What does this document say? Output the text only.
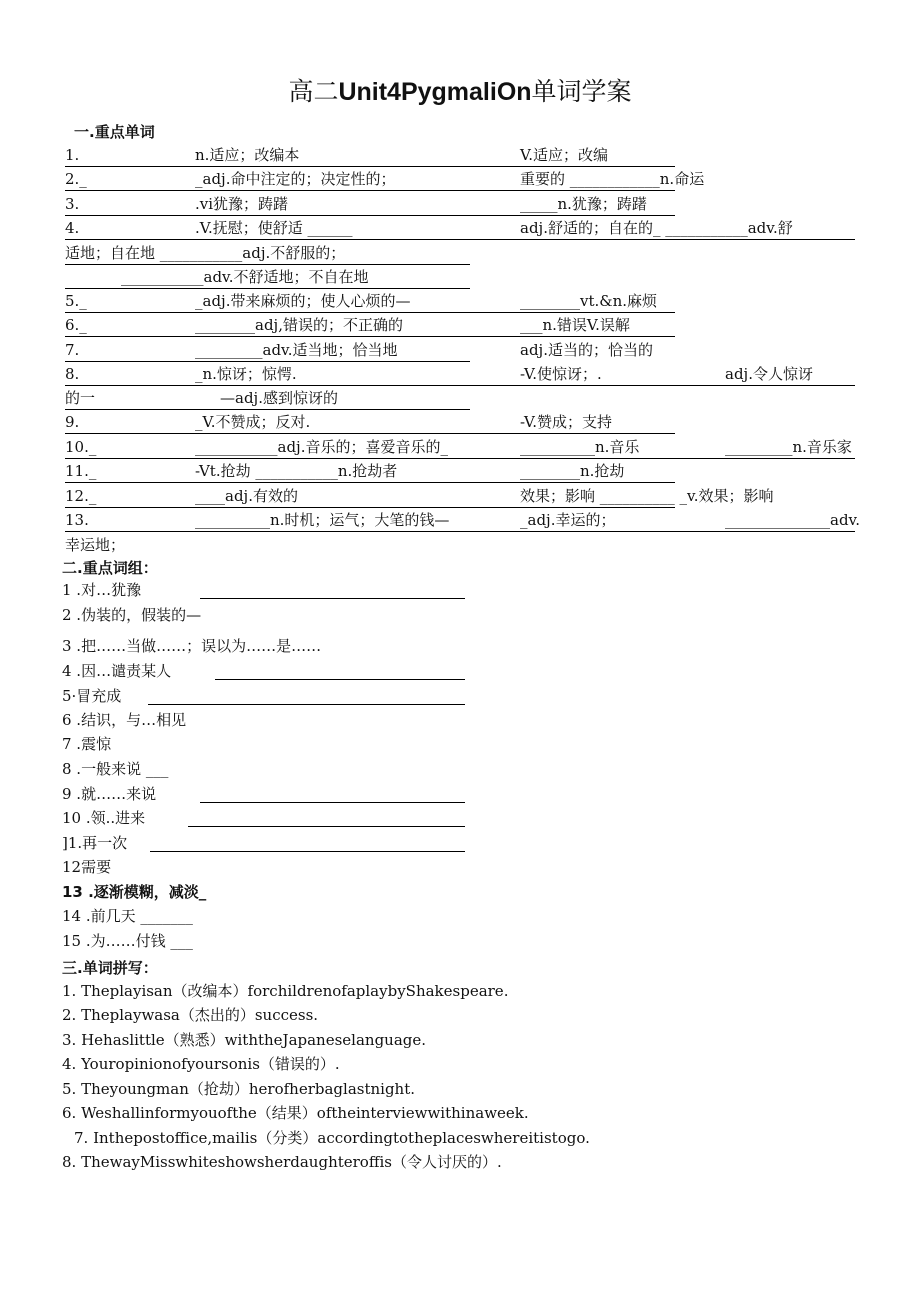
高二Unit4PygmaliOn单词学案
一.重点单词
1.	n.适应；改编本	V.适应；改编
2._	_adj.命中注定的；决定性的；	重要的 ____________n.命运
3.	.vi犹豫；踌躇	_____n.犹豫；踌躇
4.	.V.抚慰；使舒适 ______	adj.舒适的；自在的_ ___________adv.舒
适地；自在地 ___________adj.不舒服的；
___________adv.不舒适地；不自在地
5._	_adj.带来麻烦的；使人心烦的—	________vt.&n.麻烦
6._	________adj,错误的；不正确的	___n.错误V.误解
7.	_________adv.适当地；恰当地	adj.适当的；恰当的
8.	_n.惊讶；惊愕.	-V.使惊讶；.	adj.令人惊讶
的一	—adj.感到惊讶的
9.	_V.不赞成；反对.	-V.赞成；支持
10._	___________adj.音乐的；喜爱音乐的_	__________n.音乐	_________n.音乐家
11._	-Vt.抢劫 ___________n.抢劫者	________n.抢劫
12._	____adj.有效的	效果；影响 __________ _v.效果；影响
13.	__________n.时机；运气；大笔的钱—	_adj.幸运的；	______________adv.
幸运地；
二.重点词组：
1 .对…犹豫
2 .伪装的，假装的—
3 .把……当做……；误以为……是……
4 .因…谴责某人
5·冒充成
6 .结识，与…相见
7 .震惊
8 .一般来说 ___
9 .就……来说
10 .领..进来
]1.再一次
12需要
13 .逐渐模糊，减淡_
14 .前几天 _______
15 .为……付钱 ___
三.单词拼写：
1. Theplayisan（改编本）forchildrenofaplaybyShakespeare.
2. Theplaywasa（杰出的）success.
3. Hehaslittle（熟悉）withtheJapaneselanguage.
4. Youropinionofyoursonis（错误的）.
5. Theyoungman（抢劫）herofherbaglastnight.
6. Weshallinformyouofthe（结果）oftheinterviewwithinaweek.
7. Inthepostoffice,mailis（分类）accordingtotheplaceswhereitistogo.
8. ThewayMisswhiteshowsherdaughteroffis（令人讨厌的）.
